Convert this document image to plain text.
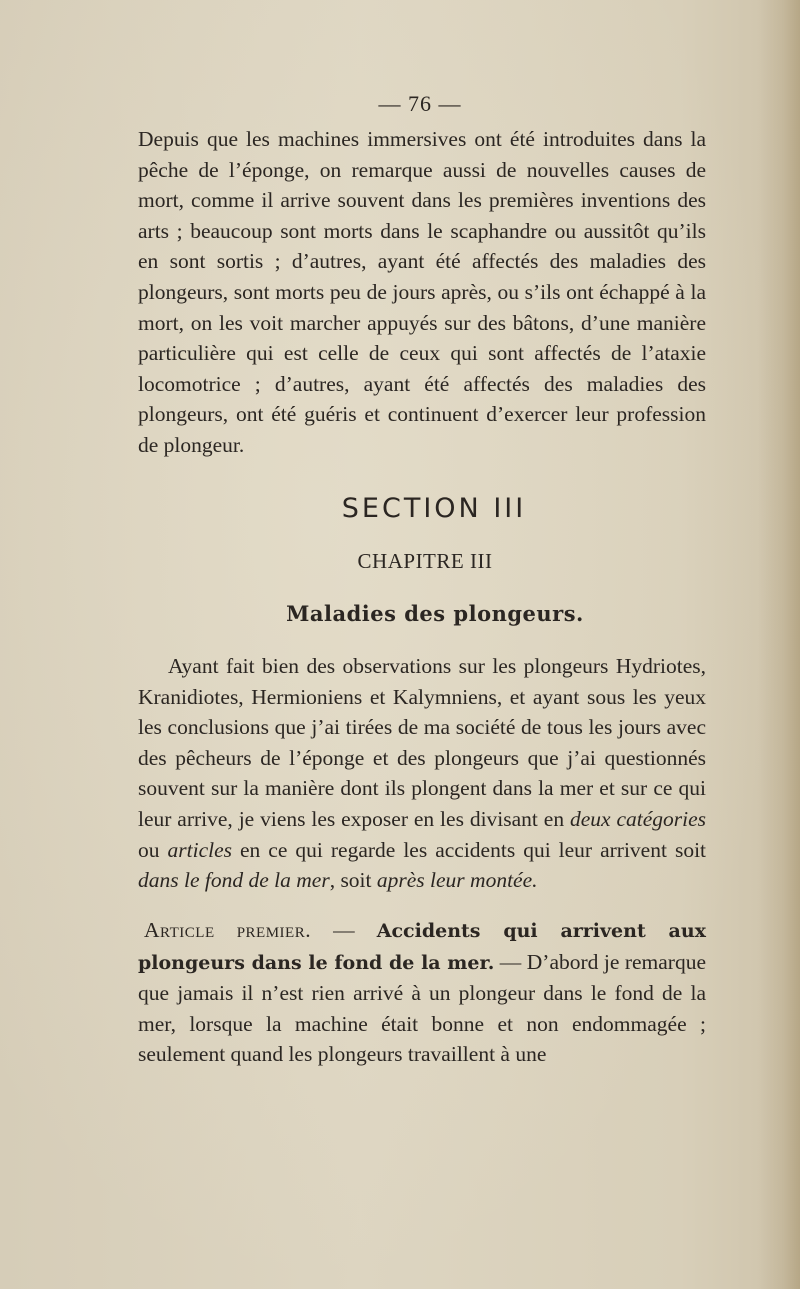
— 76 —

Depuis que les machines immersives ont été introduites dans la pêche de l’éponge, on remarque aussi de nouvelles causes de mort, comme il arrive souvent dans les premières inventions des arts ; beaucoup sont morts dans le scaphandre ou aussitôt qu’ils en sont sortis ; d’autres, ayant été affectés des maladies des plongeurs, sont morts peu de jours après, ou s’ils ont échappé à la mort, on les voit marcher appuyés sur des bâtons, d’une manière particulière qui est celle de ceux qui sont affectés de l’ataxie locomotrice ; d’autres, ayant été affectés des maladies des plongeurs, ont été guéris et continuent d’exercer leur profession de plongeur.

SECTION III
CHAPITRE III
Maladies des plongeurs.

Ayant fait bien des observations sur les plongeurs Hydriotes, Kranidiotes, Hermioniens et Kalymniens, et ayant sous les yeux les conclusions que j’ai tirées de ma société de tous les jours avec des pêcheurs de l’éponge et des plongeurs que j’ai questionnés souvent sur la manière dont ils plongent dans la mer et sur ce qui leur arrive, je viens les exposer en les divisant en deux catégories ou articles en ce qui regarde les accidents qui leur arrivent soit dans le fond de la mer, soit après leur montée.

Article premier. — Accidents qui arrivent aux plongeurs dans le fond de la mer. — D’abord je remarque que jamais il n’est rien arrivé à un plongeur dans le fond de la mer, lorsque la machine était bonne et non endommagée ; seulement quand les plongeurs travaillent à une
